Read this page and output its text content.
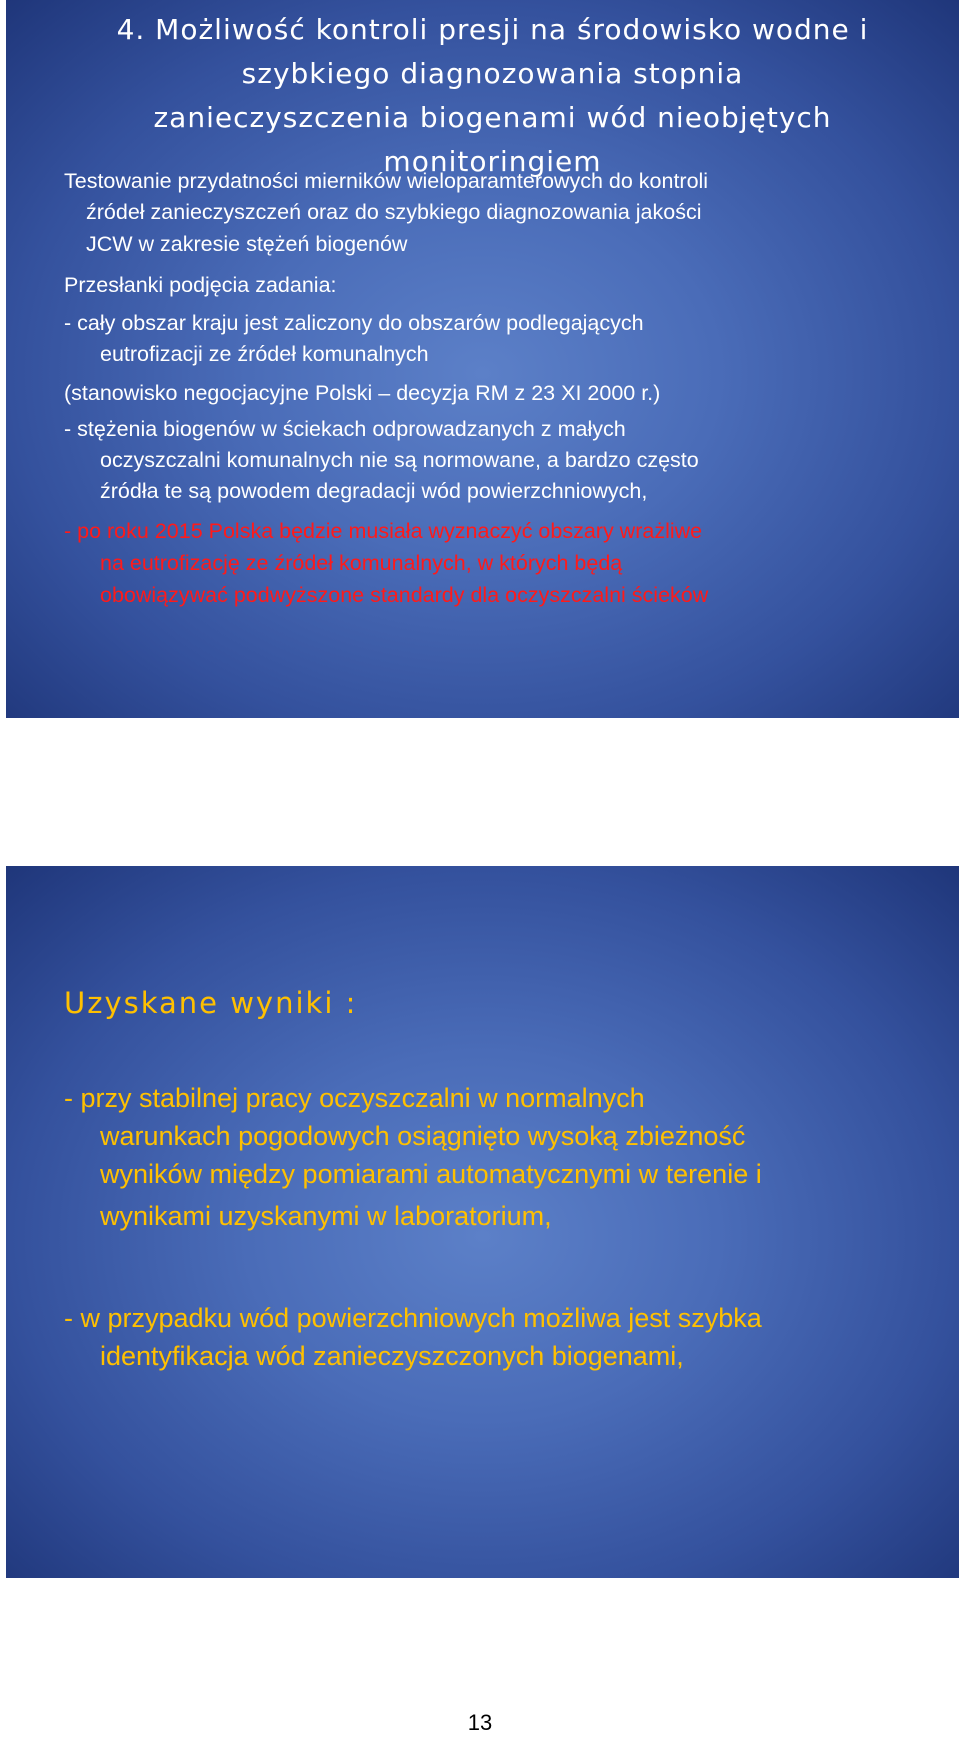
4. Możliwość kontroli presji na środowisko wodne i
szybkiego diagnozowania stopnia
zanieczyszczenia biogenami wód nieobjętych
monitoringiem
Testowanie przydatności mierników wieloparamterowych do kontroli
źródeł zanieczyszczeń oraz do szybkiego diagnozowania jakości
JCW w zakresie stężeń biogenów
Przesłanki podjęcia zadania:
- cały obszar kraju jest zaliczony do obszarów podlegających
eutrofizacji ze źródeł komunalnych
(stanowisko negocjacyjne Polski – decyzja RM z 23 XI 2000 r.)
- stężenia biogenów w ściekach odprowadzanych z małych
oczyszczalni komunalnych nie są normowane, a bardzo często
źródła te są powodem degradacji wód powierzchniowych,
- po roku 2015 Polska będzie musiała wyznaczyć obszary wrażliwe
na eutrofizację ze źródeł komunalnych, w których będą
obowiązywać podwyższone standardy dla oczyszczalni ścieków
Uzyskane wyniki :
- przy stabilnej pracy oczyszczalni w normalnych
warunkach pogodowych osiągnięto wysoką zbieżność
wyników między pomiarami automatycznymi w terenie i
wynikami uzyskanymi w laboratorium,
- w przypadku wód powierzchniowych możliwa jest szybka
identyfikacja wód zanieczyszczonych biogenami,
13
